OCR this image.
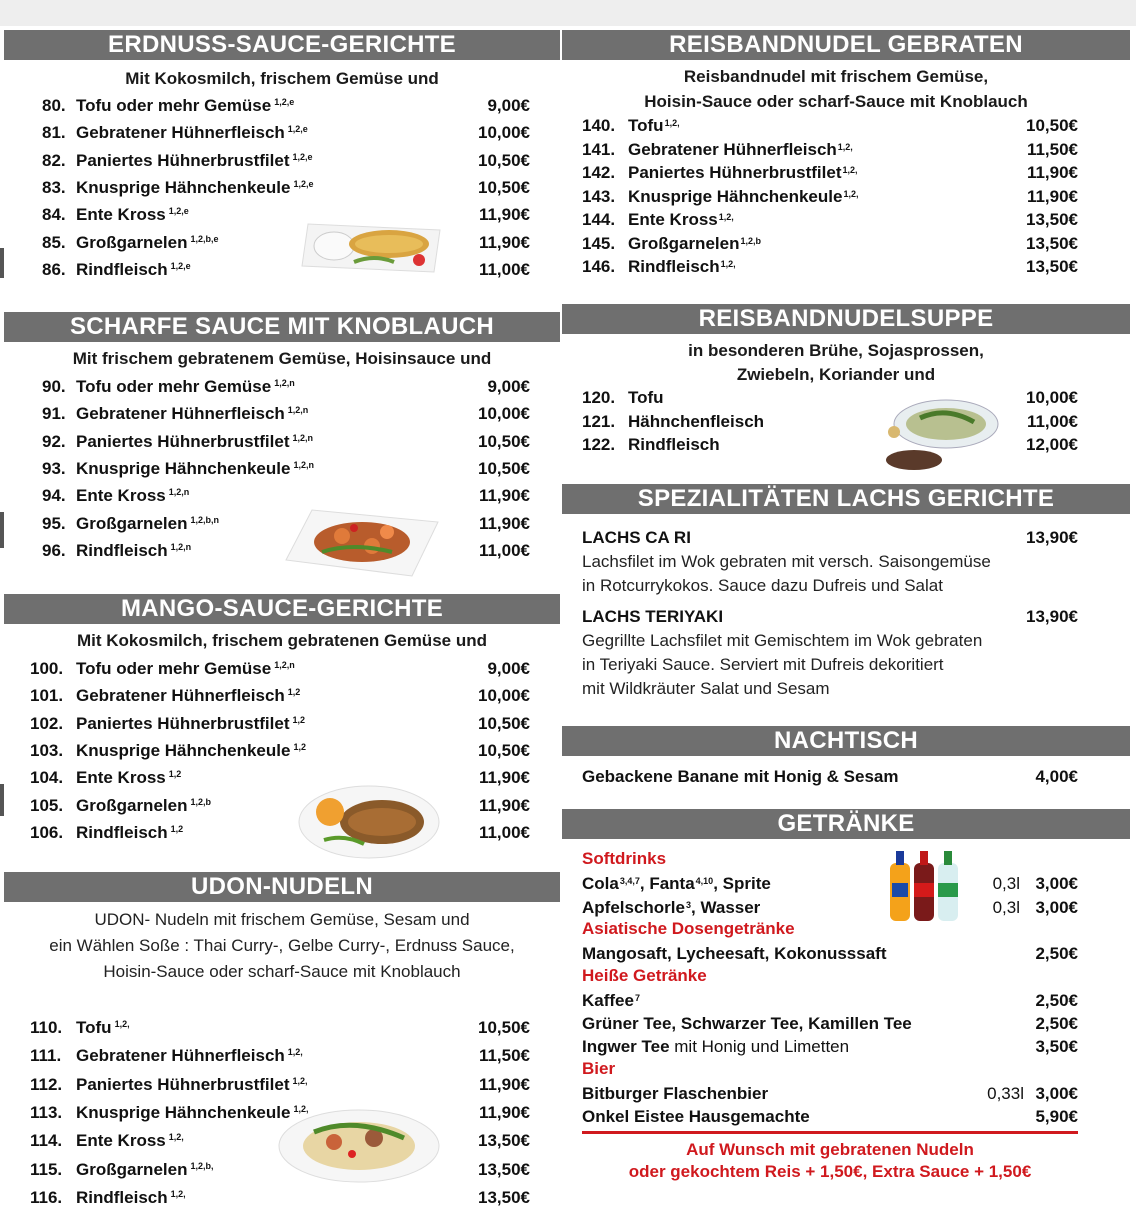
ERDNUSS-SAUCE-GERICHTE
Mit Kokosmilch, frischem Gemüse und
80. Tofu oder mehr Gemüse $^{1,2,e}$	9,00€
81. Gebratener Hühnerfleisch $^{1,2,e}$	10,00€
82. Paniertes Hühnerbrustfilet $^{1,2,e}$	10,50€
83. Knusprige Hähnchenkeule $^{1,2,e}$	10,50€
84. Ente Kross $^{1,2,e}$	11,90€
85. Großgarnelen $^{1,2,b,e}$	11,90€
86. Rindfleisch $^{1,2,e}$	11,00€
SCHARFE SAUCE MIT KNOBLAUCH
Mit frischem gebratenem Gemüse, Hoisinsauce und
90. Tofu oder mehr Gemüse $^{1,2,n}$	9,00€
91. Gebratener Hühnerfleisch $^{1,2,n}$	10,00€
92. Paniertes Hühnerbrustfilet $^{1,2,n}$	10,50€
93. Knusprige Hähnchenkeule $^{1,2,n}$	10,50€
94. Ente Kross $^{1,2,n}$	11,90€
95. Großgarnelen $^{1,2,b,n}$	11,90€
96. Rindfleisch $^{1,2,n}$	11,00€
MANGO-SAUCE-GERICHTE
Mit Kokosmilch, frischem gebratenen Gemüse und
100. Tofu oder mehr Gemüse $^{1,2,n}$	9,00€
101. Gebratener Hühnerfleisch $^{1,2}$	10,00€
102. Paniertes Hühnerbrustfilet $^{1,2}$	10,50€
103. Knusprige Hähnchenkeule $^{1,2}$	10,50€
104. Ente Kross $^{1,2}$	11,90€
105. Großgarnelen $^{1,2,b}$	11,90€
106. Rindfleisch $^{1,2}$	11,00€
UDON-NUDELN
UDON- Nudeln mit frischem Gemüse, Sesam und
ein Wählen Soße : Thai Curry-, Gelbe Curry-, Erdnuss Sauce,
Hoisin-Sauce oder scharf-Sauce mit Knoblauch
110. Tofu $^{1,2,}$	10,50€
111. Gebratener Hühnerfleisch $^{1,2,}$	11,50€
112. Paniertes Hühnerbrustfilet $^{1,2,}$	11,90€
113. Knusprige Hähnchenkeule $^{1,2,}$	11,90€
114. Ente Kross $^{1,2,}$	13,50€
115. Großgarnelen $^{1,2,b,}$	13,50€
116. Rindfleisch $^{1,2,}$	13,50€
REISBANDNUDEL GEBRATEN
Reisbandnudel mit frischem Gemüse,
Hoisin-Sauce oder scharf-Sauce mit Knoblauch
140. Tofu$^{1,2,}$	10,50€
141. Gebratener Hühnerfleisch$^{1,2,}$	11,50€
142. Paniertes Hühnerbrustfilet$^{1,2,}$	11,90€
143. Knusprige Hähnchenkeule$^{1,2,}$	11,90€
144. Ente Kross$^{1,2,}$	13,50€
145. Großgarnelen$^{1,2,b}$	13,50€
146. Rindfleisch$^{1,2,}$	13,50€
REISBANDNUDELSUPPE
in besonderen Brühe, Sojasprossen,
Zwiebeln, Koriander und
120. Tofu	10,00€
121. Hähnchenfleisch	11,00€
122. Rindfleisch	12,00€
SPEZIALITÄTEN LACHS GERICHTE
LACHS CA RI	13,90€
Lachsfilet im Wok gebraten mit versch. Saisongemüse
in Rotcurrykokos. Sauce dazu Dufreis und Salat
LACHS TERIYAKI	13,90€
Gegrillte Lachsfilet mit Gemischtem im Wok gebraten
in Teriyaki Sauce. Serviert mit Dufreis dekoritiert
mit Wildkräuter Salat und Sesam
NACHTISCH
Gebackene Banane mit Honig & Sesam	4,00€
GETRÄNKE
Softdrinks
Cola$^{3,4,7}$, Fanta$^{4,10}$, Sprite	0,3l 3,00€
Apfelschorle$^3$, Wasser	0,3l 3,00€
Asiatische Dosengetränke
Mangosaft, Lycheesaft, Kokonusssaft	2,50€
Heiße Getränke
Kaffee$^7$	2,50€
Grüner Tee, Schwarzer Tee, Kamillen Tee	2,50€
Ingwer Tee mit Honig und Limetten	3,50€
Bier
Bitburger Flaschenbier	0,33l 3,00€
Onkel Eistee Hausgemachte	5,90€
Auf Wunsch mit gebratenen Nudeln
oder gekochtem Reis + 1,50€, Extra Sauce + 1,50€
